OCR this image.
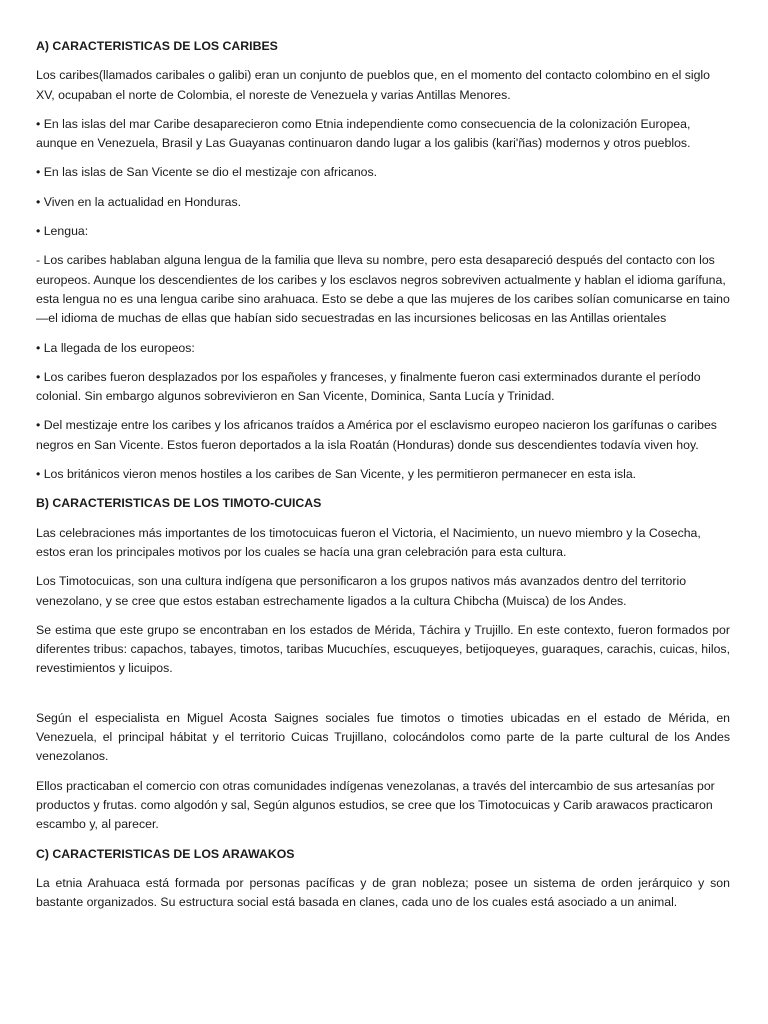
A) CARACTERISTICAS DE LOS CARIBES
Los caribes(llamados caribales o galibi) eran un conjunto de pueblos que, en el momento del contacto colombino en el siglo XV, ocupaban el norte de Colombia, el noreste de Venezuela y varias Antillas Menores.
• En las islas del mar Caribe desaparecieron como Etnia independiente como consecuencia de la colonización Europea, aunque en Venezuela, Brasil y Las Guayanas continuaron dando lugar a los galibis (kari'ñas) modernos y otros pueblos.
• En las islas de San Vicente se dio el mestizaje con africanos.
• Viven en la actualidad en Honduras.
• Lengua:
- Los caribes hablaban alguna lengua de la familia que lleva su nombre, pero esta desapareció después del contacto con los europeos. Aunque los descendientes de los caribes y los esclavos negros sobreviven actualmente y hablan el idioma garífuna, esta lengua no es una lengua caribe sino arahuaca. Esto se debe a que las mujeres de los caribes solían comunicarse en taino —el idioma de muchas de ellas que habían sido secuestradas en las incursiones belicosas en las Antillas orientales
• La llegada de los europeos:
• Los caribes fueron desplazados por los españoles y franceses, y finalmente fueron casi exterminados durante el período colonial. Sin embargo algunos sobrevivieron en San Vicente, Dominica, Santa Lucía y Trinidad.
• Del mestizaje entre los caribes y los africanos traídos a América por el esclavismo europeo nacieron los garífunas o caribes negros en San Vicente. Estos fueron deportados a la isla Roatán (Honduras) donde sus descendientes todavía viven hoy.
• Los británicos vieron menos hostiles a los caribes de San Vicente, y les permitieron permanecer en esta isla.
B) CARACTERISTICAS DE LOS TIMOTO-CUICAS
Las celebraciones más importantes de los timotocuicas fueron el Victoria, el Nacimiento, un nuevo miembro y la Cosecha, estos eran los principales motivos por los cuales se hacía una gran celebración para esta cultura.
Los Timotocuicas, son una cultura indígena que personificaron a los grupos nativos más avanzados dentro del territorio venezolano, y se cree que estos estaban estrechamente ligados a la cultura Chibcha (Muisca) de los Andes.
Se estima que este grupo se encontraban en los estados de Mérida, Táchira y Trujillo. En este contexto, fueron formados por diferentes tribus: capachos, tabayes, timotos, taribas Mucuchíes, escuqueyes, betijoqueyes, guaraques, carachis, cuicas, hilos, revestimientos y licuipos.
Según el especialista en Miguel Acosta Saignes sociales fue timotos o timoties ubicadas en el estado de Mérida, en Venezuela, el principal hábitat y el territorio Cuicas Trujillano, colocándolos como parte de la parte cultural de los Andes venezolanos.
Ellos practicaban el comercio con otras comunidades indígenas venezolanas, a través del intercambio de sus artesanías por productos y frutas. como algodón y sal, Según algunos estudios, se cree que los Timotocuicas y Carib arawacos practicaron escambo y, al parecer.
C) CARACTERISTICAS DE LOS ARAWAKOS
La etnia Arahuaca está formada por personas pacíficas y de gran nobleza; posee un sistema de orden jerárquico y son bastante organizados. Su estructura social está basada en clanes, cada uno de los cuales está asociado a un animal.
